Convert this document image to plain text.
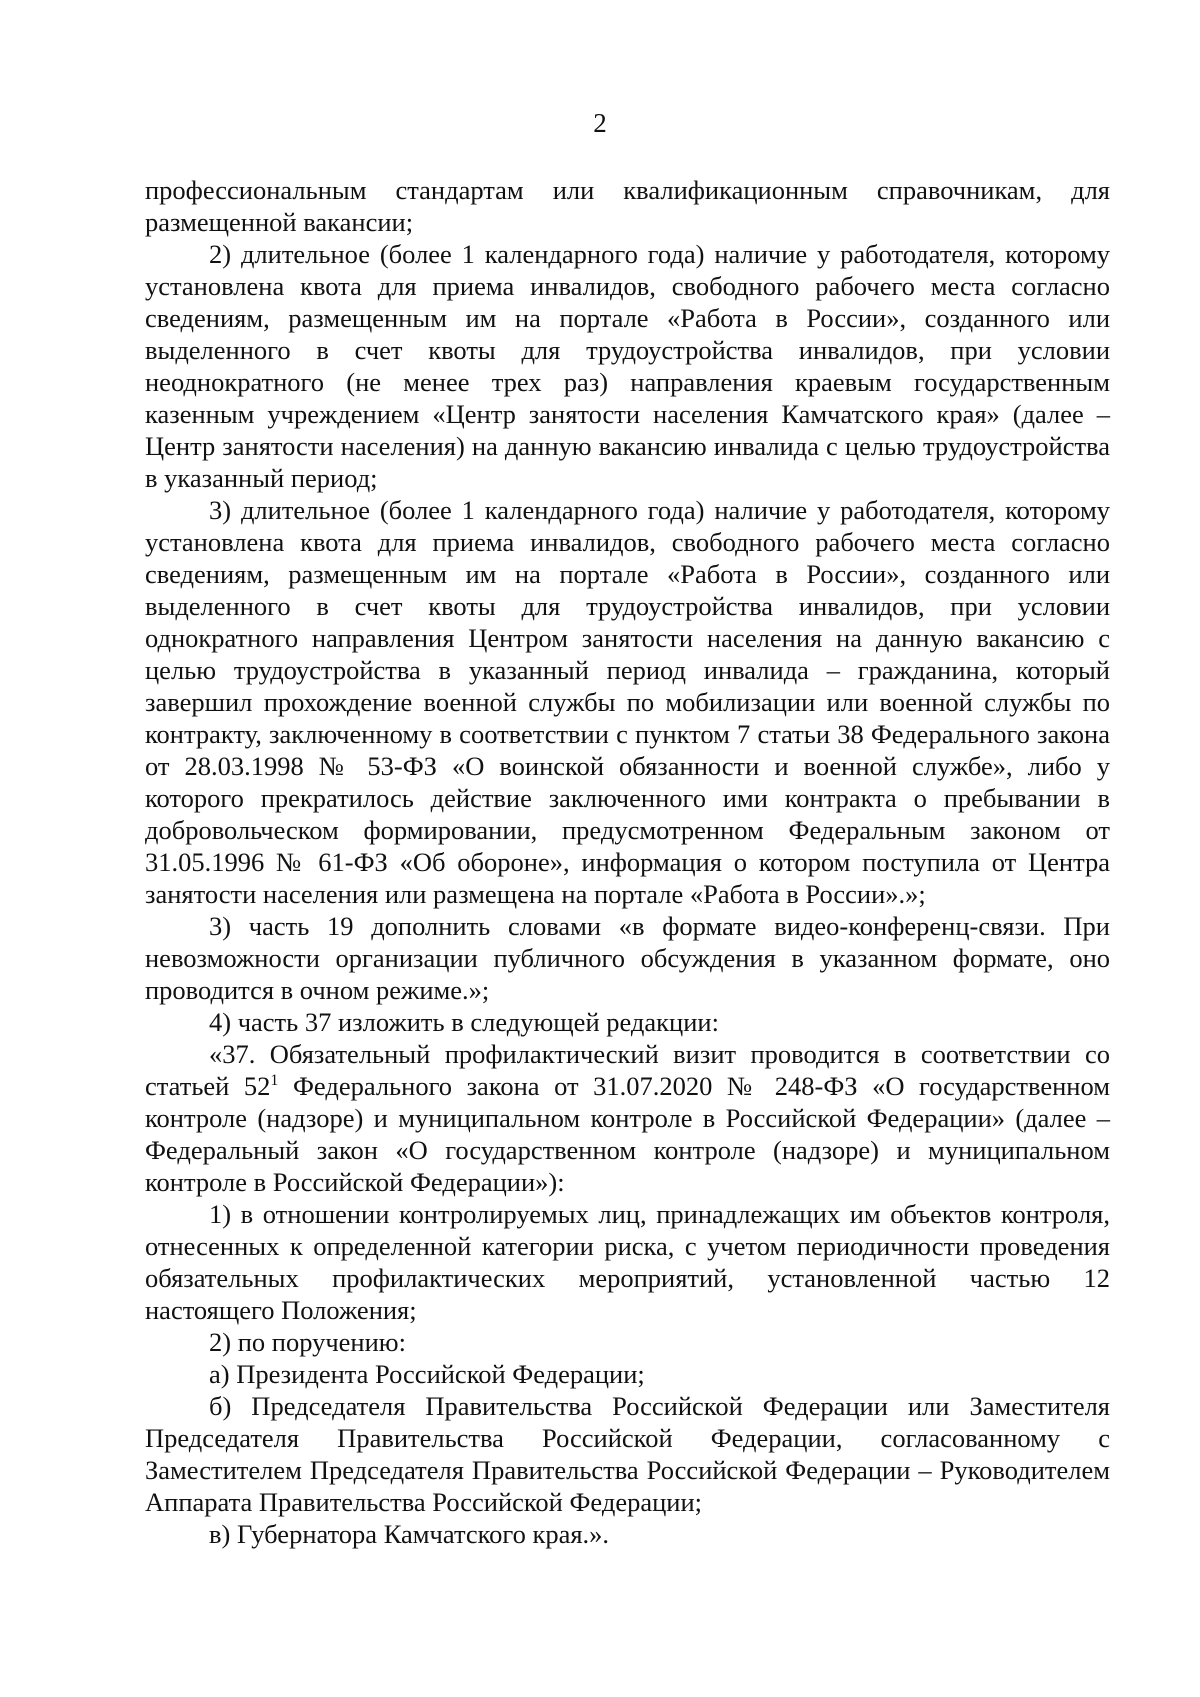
2

профессиональным стандартам или квалификационным справочникам, для размещенной вакансии;

2) длительное (более 1 календарного года) наличие у работодателя, которому установлена квота для приема инвалидов, свободного рабочего места согласно сведениям, размещенным им на портале «Работа в России», созданного или выделенного в счет квоты для трудоустройства инвалидов, при условии неоднократного (не менее трех раз) направления краевым государственным казенным учреждением «Центр занятости населения Камчатского края» (далее – Центр занятости населения) на данную вакансию инвалида с целью трудоустройства в указанный период;

3) длительное (более 1 календарного года) наличие у работодателя, которому установлена квота для приема инвалидов, свободного рабочего места согласно сведениям, размещенным им на портале «Работа в России», созданного или выделенного в счет квоты для трудоустройства инвалидов, при условии однократного направления Центром занятости населения на данную вакансию с целью трудоустройства в указанный период инвалида – гражданина, который завершил прохождение военной службы по мобилизации или военной службы по контракту, заключенному в соответствии с пунктом 7 статьи 38 Федерального закона от 28.03.1998 № 53-ФЗ «О воинской обязанности и военной службе», либо у которого прекратилось действие заключенного ими контракта о пребывании в добровольческом формировании, предусмотренном Федеральным законом от 31.05.1996 № 61-ФЗ «Об обороне», информация о котором поступила от Центра занятости населения или размещена на портале «Работа в России».»;

3) часть 19 дополнить словами «в формате видео-конференц-связи. При невозможности организации публичного обсуждения в указанном формате, оно проводится в очном режиме.»;

4) часть 37 изложить в следующей редакции:

«37. Обязательный профилактический визит проводится в соответствии со статьей $52^1$ Федерального закона от 31.07.2020 № 248-ФЗ «О государственном контроле (надзоре) и муниципальном контроле в Российской Федерации» (далее – Федеральный закон «О государственном контроле (надзоре) и муниципальном контроле в Российской Федерации»):

1) в отношении контролируемых лиц, принадлежащих им объектов контроля, отнесенных к определенной категории риска, с учетом периодичности проведения обязательных профилактических мероприятий, установленной частью 12 настоящего Положения;

2) по поручению:

а) Президента Российской Федерации;

б) Председателя Правительства Российской Федерации или Заместителя Председателя Правительства Российской Федерации, согласованному с Заместителем Председателя Правительства Российской Федерации – Руководителем Аппарата Правительства Российской Федерации;

в) Губернатора Камчатского края.».
